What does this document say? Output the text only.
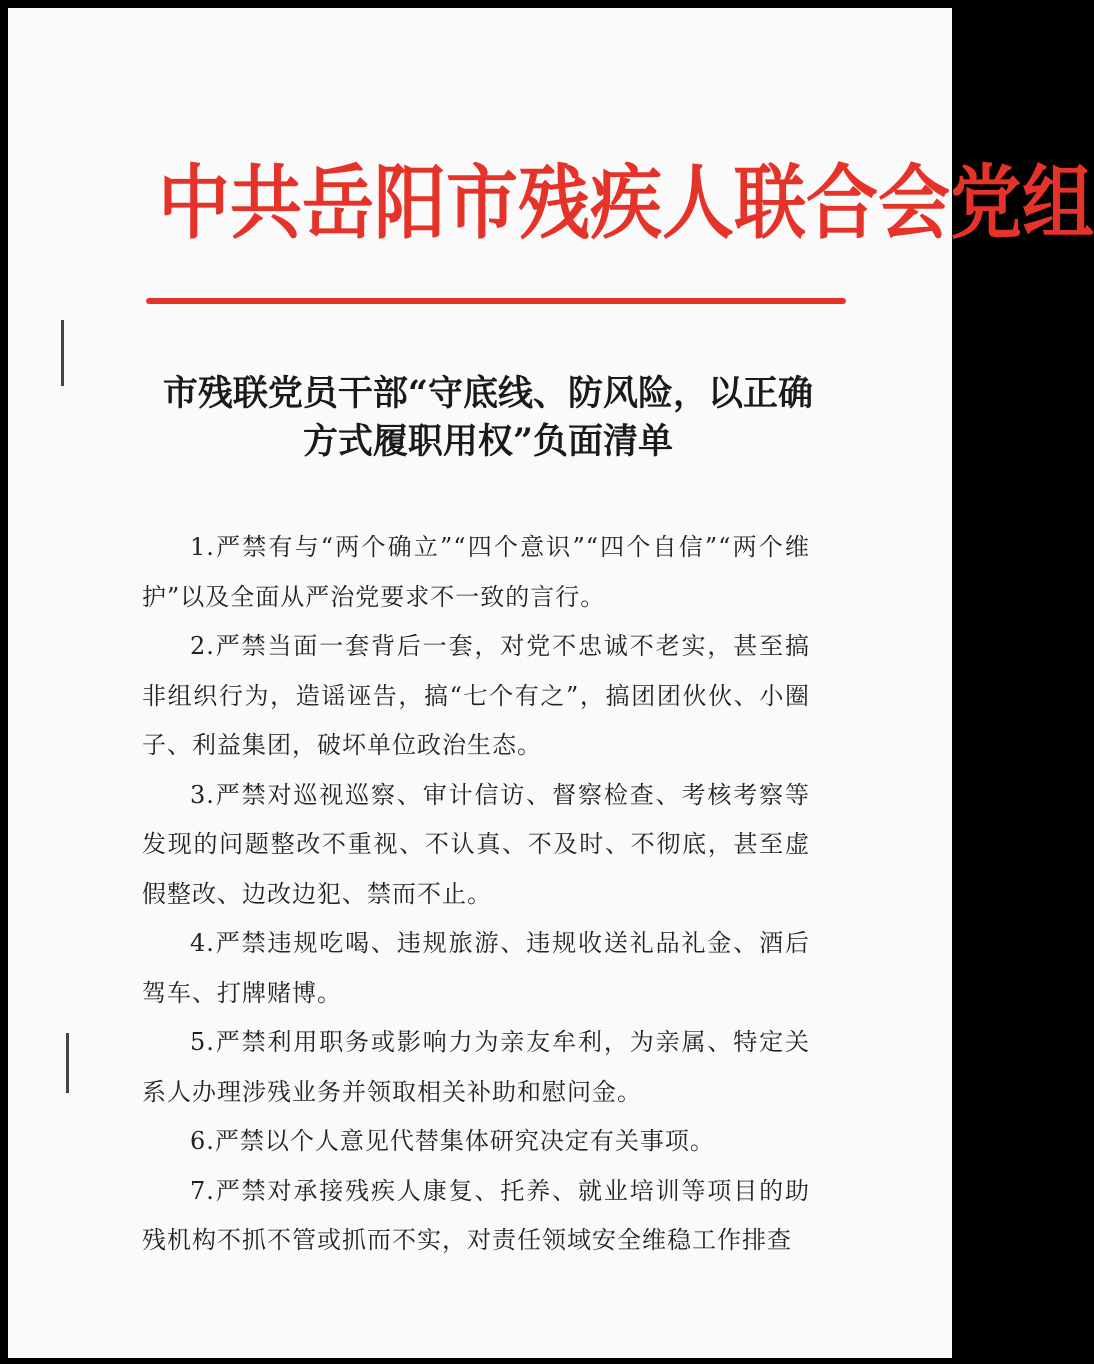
中共岳阳市残疾人联合会党组
市残联党员干部“守底线、防风险，以正确
方式履职用权”负面清单

1.严禁有与“两个确立”“四个意识”“四个自信”“两个维护”以及全面从严治党要求不一致的言行。

2.严禁当面一套背后一套，对党不忠诚不老实，甚至搞非组织行为，造谣诬告，搞“七个有之”，搞团团伙伙、小圈子、利益集团，破坏单位政治生态。

3.严禁对巡视巡察、审计信访、督察检查、考核考察等发现的问题整改不重视、不认真、不及时、不彻底，甚至虚假整改、边改边犯、禁而不止。

4.严禁违规吃喝、违规旅游、违规收送礼品礼金、酒后驾车、打牌赌博。

5.严禁利用职务或影响力为亲友牟利，为亲属、特定关系人办理涉残业务并领取相关补助和慰问金。

6.严禁以个人意见代替集体研究决定有关事项。

7.严禁对承接残疾人康复、托养、就业培训等项目的助残机构不抓不管或抓而不实，对责任领域安全维稳工作排查
